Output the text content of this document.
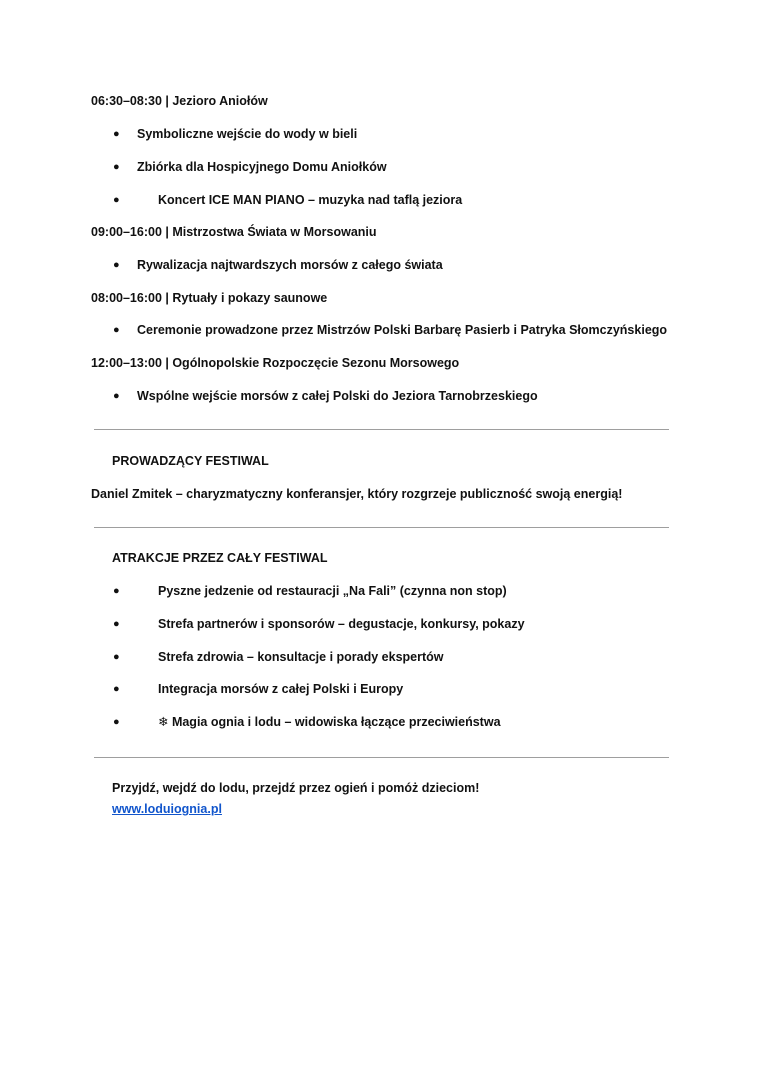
06:30–08:30 | Jezioro Aniołów
● Symboliczne wejście do wody w bieli
● Zbiórka dla Hospicyjnego Domu Aniołków
●	Koncert ICE MAN PIANO – muzyka nad taflą jeziora
09:00–16:00 | Mistrzostwa Świata w Morsowaniu
● Rywalizacja najtwardszych morsów z całego świata
08:00–16:00 | Rytuały i pokazy saunowe
● Ceremonie prowadzone przez Mistrzów Polski Barbarę Pasierb i Patryka Słomczyńskiego
12:00–13:00 | Ogólnopolskie Rozpoczęcie Sezonu Morsowego
● Wspólne wejście morsów z całej Polski do Jeziora Tarnobrzeskiego
PROWADZĄCY FESTIWAL
Daniel Zmitek – charyzmatyczny konferansjer, który rozgrzeje publiczność swoją energią!
ATRAKCJE PRZEZ CAŁY FESTIWAL
●	Pyszne jedzenie od restauracji „Na Fali” (czynna non stop)
●	Strefa partnerów i sponsorów – degustacje, konkursy, pokazy
●	Strefa zdrowia – konsultacje i porady ekspertów
●	Integracja morsów z całej Polski i Europy
●	❄ Magia ognia i lodu – widowiska łączące przeciwieństwa
Przyjdź, wejdź do lodu, przejdź przez ogień i pomóż dzieciom!
www.loduiognia.pl
